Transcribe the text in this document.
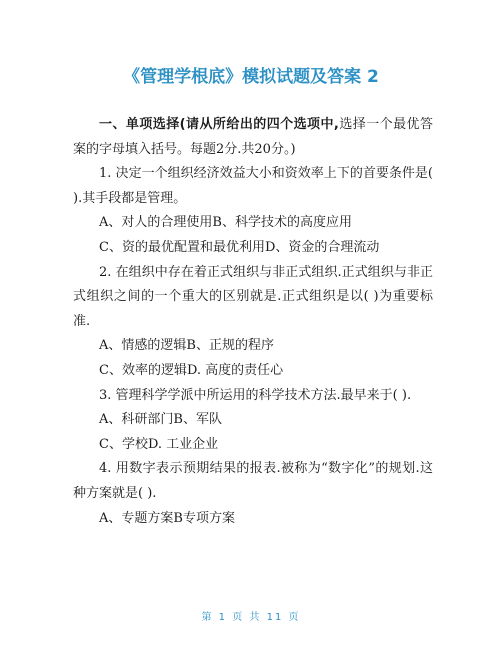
《管理学根底》模拟试题及答案 2

一、单项选择(请从所给出的四个选项中,选择一个最优答案的字母填入括号。每题2分.共20分。)

1. 决定一个组织经济效益大小和资效率上下的首要条件是( ).其手段都是管理。

A、对人的合理使用B、科学技术的高度应用

C、资的最优配置和最优利用D、资金的合理流动

2. 在组织中存在着正式组织与非正式组织.正式组织与非正式组织之间的一个重大的区别就是.正式组织是以( )为重要标准.

A、情感的逻辑B、正规的程序

C、效率的逻辑D. 高度的责任心

3. 管理科学学派中所运用的科学技术方法.最早来于( ).

A、科研部门B、军队

C、学校D. 工业企业

4. 用数字表示预期结果的报表.被称为“数字化”的规划.这种方案就是( ).

A、专题方案B专项方案

第 1 页 共 11 页
